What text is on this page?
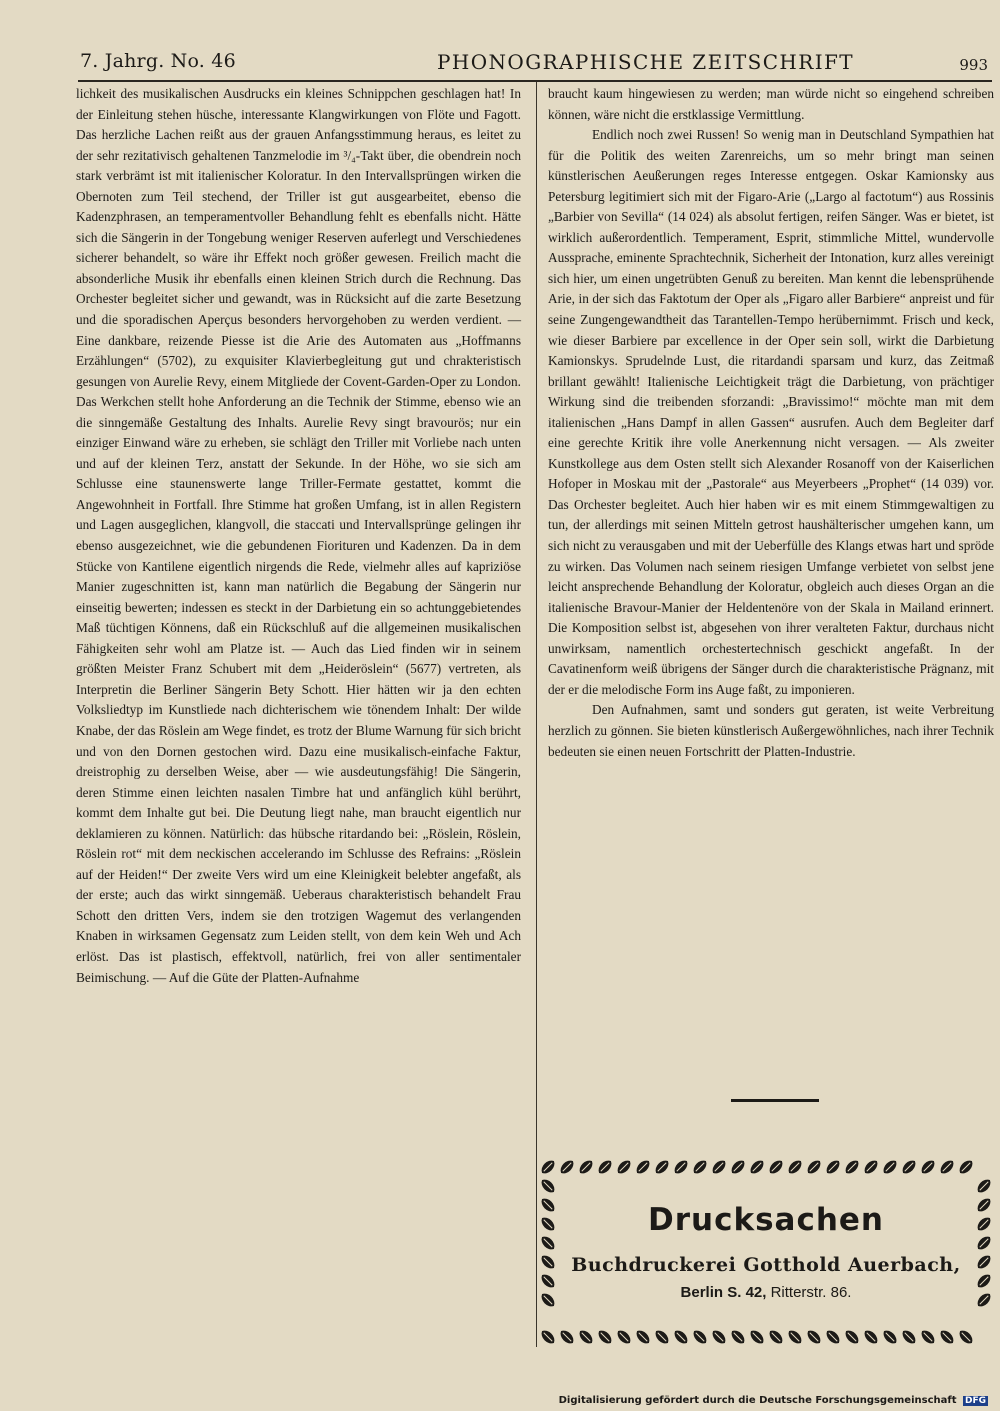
7. Jahrg. No. 46	PHONOGRAPHISCHE ZEITSCHRIFT	993

lichkeit des musikalischen Ausdrucks ein kleines Schnippchen geschlagen hat! In der Einleitung stehen hüsche, interessante Klangwirkungen von Flöte und Fagott. Das herzliche Lachen reißt aus der grauen Anfangsstimmung heraus, es leitet zu der sehr rezitativisch gehaltenen Tanzmelodie im ³/₄-Takt über, die obendrein noch stark verbrämt ist mit italienischer Koloratur. In den Intervallsprüngen wirken die Obernoten zum Teil stechend, der Triller ist gut ausgearbeitet, ebenso die Kadenzphrasen, an temperamentvoller Behandlung fehlt es ebenfalls nicht. Hätte sich die Sängerin in der Tongebung weniger Reserven auferlegt und Verschiedenes sicherer behandelt, so wäre ihr Effekt noch größer gewesen. Freilich macht die absonderliche Musik ihr ebenfalls einen kleinen Strich durch die Rechnung. Das Orchester begleitet sicher und gewandt, was in Rücksicht auf die zarte Besetzung und die sporadischen Aperçus besonders hervorgehoben zu werden verdient. — Eine dankbare, reizende Piesse ist die Arie des Automaten aus „Hoffmanns Erzählungen“ (5702), zu exquisiter Klavierbegleitung gut und chrakteristisch gesungen von Aurelie Revy, einem Mitgliede der Covent-Garden-Oper zu London. Das Werkchen stellt hohe Anforderung an die Technik der Stimme, ebenso wie an die sinngemäße Gestaltung des Inhalts. Aurelie Revy singt bravourös; nur ein einziger Einwand wäre zu erheben, sie schlägt den Triller mit Vorliebe nach unten und auf der kleinen Terz, anstatt der Sekunde. In der Höhe, wo sie sich am Schlusse eine staunenswerte lange Triller-Fermate gestattet, kommt die Angewohnheit in Fortfall. Ihre Stimme hat großen Umfang, ist in allen Registern und Lagen ausgeglichen, klangvoll, die staccati und Intervallsprünge gelingen ihr ebenso ausgezeichnet, wie die gebundenen Fiorituren und Kadenzen. Da in dem Stücke von Kantilene eigentlich nirgends die Rede, vielmehr alles auf kapriziöse Manier zugeschnitten ist, kann man natürlich die Begabung der Sängerin nur einseitig bewerten; indessen es steckt in der Darbietung ein so achtunggebietendes Maß tüchtigen Könnens, daß ein Rückschluß auf die allgemeinen musikalischen Fähigkeiten sehr wohl am Platze ist. — Auch das Lied finden wir in seinem größten Meister Franz Schubert mit dem „Heideröslein“ (5677) vertreten, als Interpretin die Berliner Sängerin Bety Schott. Hier hätten wir ja den echten Volksliedtyp im Kunstliede nach dichterischem wie tönendem Inhalt: Der wilde Knabe, der das Röslein am Wege findet, es trotz der Blume Warnung für sich bricht und von den Dornen gestochen wird. Dazu eine musikalisch-einfache Faktur, dreistrophig zu derselben Weise, aber — wie ausdeutungsfähig! Die Sängerin, deren Stimme einen leichten nasalen Timbre hat und anfänglich kühl berührt, kommt dem Inhalte gut bei. Die Deutung liegt nahe, man braucht eigentlich nur deklamieren zu können. Natürlich: das hübsche ritardando bei: „Röslein, Röslein, Röslein rot“ mit dem neckischen accelerando im Schlusse des Refrains: „Röslein auf der Heiden!“ Der zweite Vers wird um eine Kleinigkeit belebter angefaßt, als der erste; auch das wirkt sinngemäß. Ueberaus charakteristisch behandelt Frau Schott den dritten Vers, indem sie den trotzigen Wagemut des verlangenden Knaben in wirksamen Gegensatz zum Leiden stellt, von dem kein Weh und Ach erlöst. Das ist plastisch, effektvoll, natürlich, frei von aller sentimentaler Beimischung. — Auf die Güte der Platten-Aufnahme

braucht kaum hingewiesen zu werden; man würde nicht so eingehend schreiben können, wäre nicht die erstklassige Vermittlung.

Endlich noch zwei Russen! So wenig man in Deutschland Sympathien hat für die Politik des weiten Zarenreichs, um so mehr bringt man seinen künstlerischen Aeußerungen reges Interesse entgegen. Oskar Kamionsky aus Petersburg legitimiert sich mit der Figaro-Arie („Largo al factotum“) aus Rossinis „Barbier von Sevilla“ (14 024) als absolut fertigen, reifen Sänger. Was er bietet, ist wirklich außerordentlich. Temperament, Esprit, stimmliche Mittel, wundervolle Aussprache, eminente Sprachtechnik, Sicherheit der Intonation, kurz alles vereinigt sich hier, um einen ungetrübten Genuß zu bereiten. Man kennt die lebensprühende Arie, in der sich das Faktotum der Oper als „Figaro aller Barbiere“ anpreist und für seine Zungengewandtheit das Tarantellen-Tempo herübernimmt. Frisch und keck, wie dieser Barbiere par excellence in der Oper sein soll, wirkt die Darbietung Kamionskys. Sprudelnde Lust, die ritardandi sparsam und kurz, das Zeitmaß brillant gewählt! Italienische Leichtigkeit trägt die Darbietung, von prächtiger Wirkung sind die treibenden sforzandi: „Bravissimo!“ möchte man mit dem italienischen „Hans Dampf in allen Gassen“ ausrufen. Auch dem Begleiter darf eine gerechte Kritik ihre volle Anerkennung nicht versagen. — Als zweiter Kunstkollege aus dem Osten stellt sich Alexander Rosanoff von der Kaiserlichen Hofoper in Moskau mit der „Pastorale“ aus Meyerbeers „Prophet“ (14 039) vor. Das Orchester begleitet. Auch hier haben wir es mit einem Stimmgewaltigen zu tun, der allerdings mit seinen Mitteln getrost haushälterischer umgehen kann, um sich nicht zu verausgaben und mit der Ueberfülle des Klangs etwas hart und spröde zu wirken. Das Volumen nach seinem riesigen Umfange verbietet von selbst jene leicht ansprechende Behandlung der Koloratur, obgleich auch dieses Organ an die italienische Bravour-Manier der Heldentenöre von der Skala in Mailand erinnert. Die Komposition selbst ist, abgesehen von ihrer veralteten Faktur, durchaus nicht unwirksam, namentlich orchestertechnisch geschickt angefaßt. In der Cavatinenform weiß übrigens der Sänger durch die charakteristische Prägnanz, mit der er die melodische Form ins Auge faßt, zu imponieren.

Den Aufnahmen, samt und sonders gut geraten, ist weite Verbreitung herzlich zu gönnen. Sie bieten künstlerisch Außergewöhnliches, nach ihrer Technik bedeuten sie einen neuen Fortschritt der Platten-Industrie.

Drucksachen
Buchdruckerei Gotthold Auerbach,
Berlin S. 42, Ritterstr. 86.
Digitalisierung gefördert durch die Deutsche Forschungsgemeinschaft DFG
